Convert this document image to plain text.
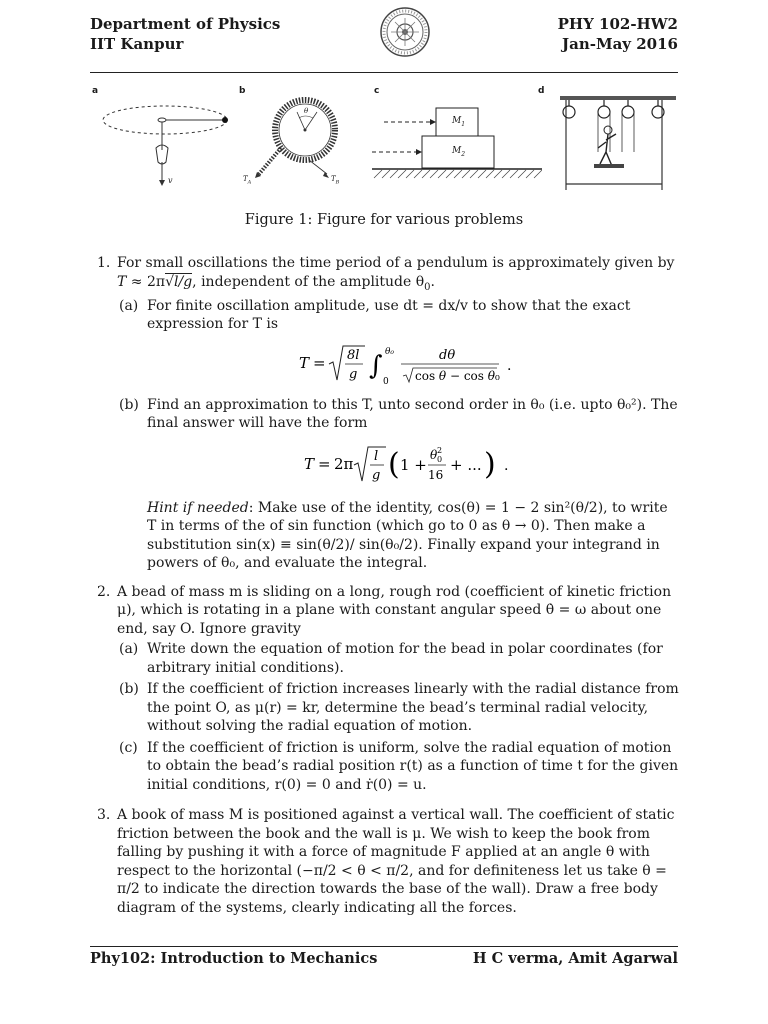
Department of Physics
IIT Kanpur
PHY 102-HW2
Jan-May 2016
a
v
b
θ
$T_A$	$T_B$
c
$M_1$
$M_2$
d
Figure 1: Figure for various problems
1. For small oscillations the time period of a pendulum is approximately given by T ≈ 2π√l/g, independent of the amplitude $\theta_0$.
(a) For finite oscillation amplitude, use dt = dx/v to show that the exact expression for T is
T = 8l
g ∫ θ₀
0
dθ
cos θ − cos θ₀
.
(b) Find an approximation to this T, unto second order in θ₀ (i.e. upto θ₀²). The final answer will have the form
T = 2π l
g ( 1 +
θ 2
0
16
+ ... ) .
Hint if needed: Make use of the identity, cos(θ) = 1 − 2 sin²(θ/2), to write T in terms of the of sin function (which go to 0 as θ → 0). Then make a substitution sin(x) ≡ sin(θ/2)/ sin(θ₀/2). Finally expand your integrand in powers of θ₀, and evaluate the integral.
2. A bead of mass m is sliding on a long, rough rod (coefficient of kinetic friction μ), which is rotating in a plane with constant angular speed θ̇ = ω about one end, say O. Ignore gravity
(a) Write down the equation of motion for the bead in polar coordinates (for arbitrary initial conditions).
(b) If the coefficient of friction increases linearly with the radial distance from the point O, as μ(r) = kr, determine the bead’s terminal radial velocity, without solving the radial equation of motion.
(c) If the coefficient of friction is uniform, solve the radial equation of motion to obtain the bead’s radial position r(t) as a function of time t for the given initial conditions, r(0) = 0 and ṙ(0) = u.
3. A book of mass M is positioned against a vertical wall. The coefficient of static friction between the book and the wall is μ. We wish to keep the book from falling by pushing it with a force of magnitude F applied at an angle θ with respect to the horizontal (−π/2 < θ < π/2, and for definiteness let us take θ = π/2 to indicate the direction towards the base of the wall). Draw a free body diagram of the systems, clearly indicating all the forces.
Phy102: Introduction to Mechanics	H C verma, Amit Agarwal
